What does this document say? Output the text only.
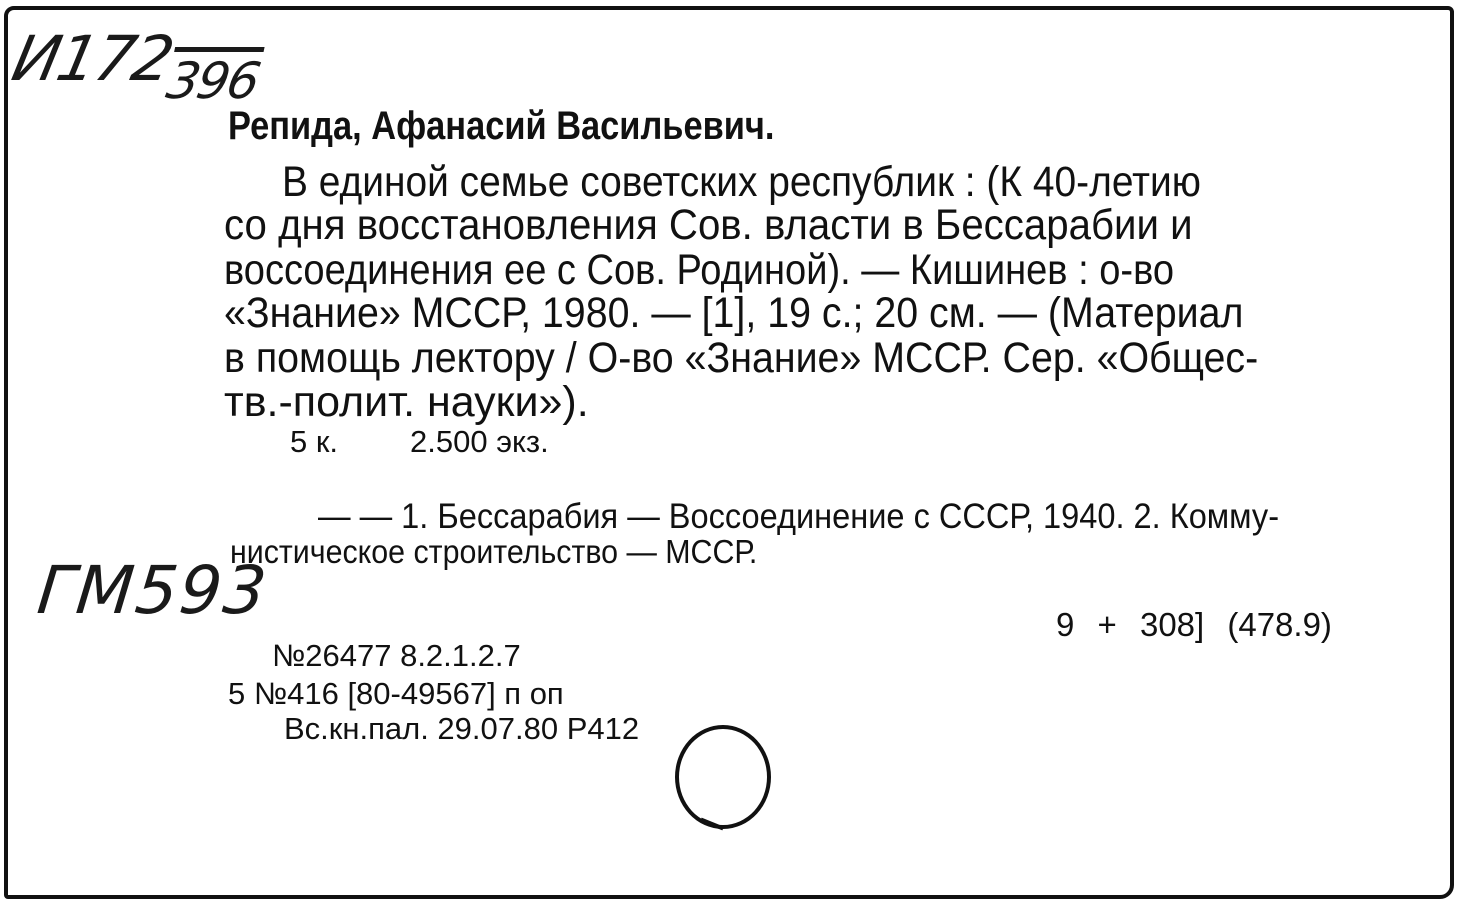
$И172_{396}$
Репида, Афанасий Васильевич.
В единой семье советских республик : (К 40-летию
со дня восстановления Сов. власти в Бессарабии и
воссоединения ее с Сов. Родиной). — Кишинев : о-во
«Знание» МССР, 1980. — [1], 19 с.; 20 см. — (Материал
в помощь лектору / О-во «Знание» МССР. Сер. «Общес-
тв.-полит. науки»).
5 к. 2.500 экз.
— — 1. Бессарабия — Воссоединение с СССР, 1940. 2. Комму-
нистическое строительство — МССР.
ГМ593	9 + 308] (478.9)
№26477 8.2.1.2.7
5 №416 [80-49567] п оп
Вс.кн.пал. 29.07.80 Р412
